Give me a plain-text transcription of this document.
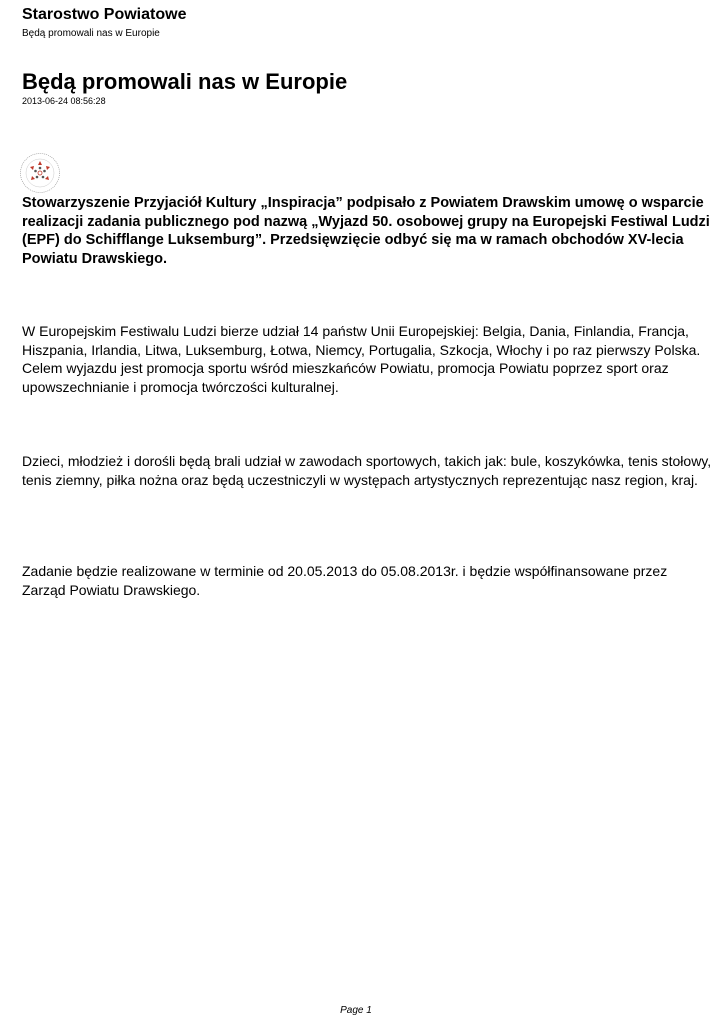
Starostwo Powiatowe
Będą promowali nas w Europie
Będą promowali nas w Europie
2013-06-24 08:56:28

Stowarzyszenie Przyjaciół Kultury „Inspiracja” podpisało z Powiatem Drawskim umowę o wsparcie realizacji zadania publicznego pod nazwą „Wyjazd 50. osobowej grupy na Europejski Festiwal Ludzi (EPF) do Schifflange Luksemburg”. Przedsięwzięcie odbyć się ma w ramach obchodów XV-lecia Powiatu Drawskiego.

W Europejskim Festiwalu Ludzi bierze udział 14 państw Unii Europejskiej: Belgia, Dania, Finlandia, Francja, Hiszpania, Irlandia, Litwa, Luksemburg, Łotwa, Niemcy, Portugalia, Szkocja, Włochy i po raz pierwszy Polska. Celem wyjazdu jest promocja sportu wśród mieszkańców Powiatu, promocja Powiatu poprzez sport oraz upowszechnianie i promocja twórczości kulturalnej.

Dzieci, młodzież i dorośli będą brali udział w zawodach sportowych, takich jak: bule, koszykówka, tenis stołowy, tenis ziemny, piłka nożna oraz będą uczestniczyli w występach artystycznych reprezentując nasz region, kraj.

Zadanie będzie realizowane w terminie od 20.05.2013 do 05.08.2013r. i będzie współfinansowane przez Zarząd Powiatu Drawskiego.

Page 1
